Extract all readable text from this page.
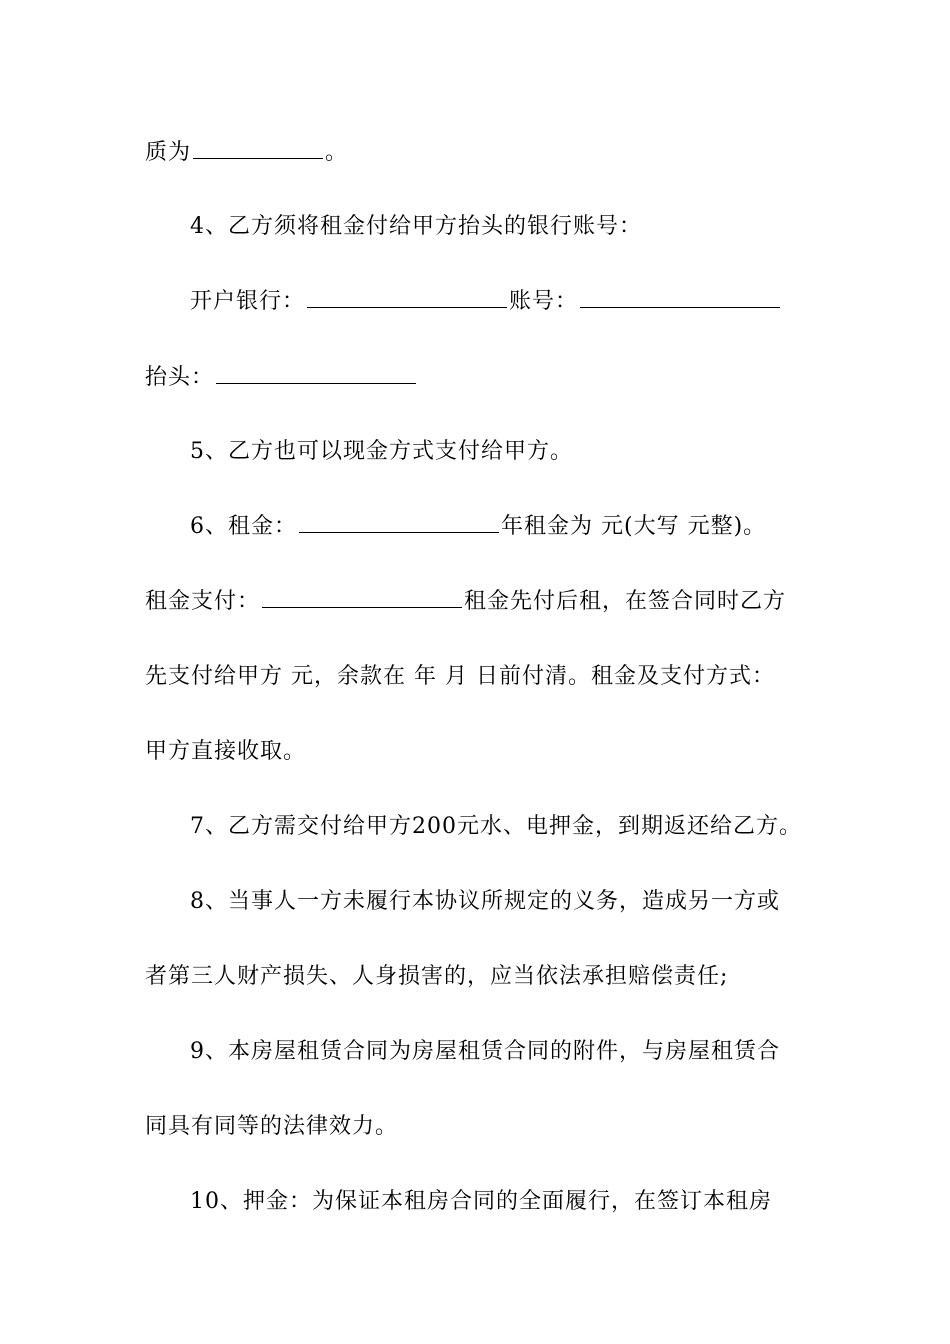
质为	。
4、乙方须将租金付给甲方抬头的银行账号：
开户银行：	账号：
抬头：
5、乙方也可以现金方式支付给甲方。
6、租金：	年租金为 元(大写 元整)。
租金支付：	租金先付后租，在签合同时乙方
先支付给甲方 元，余款在 年 月 日前付清。租金及支付方式：
甲方直接收取。
7、乙方需交付给甲方200元水、电押金，到期返还给乙方。
8、当事人一方未履行本协议所规定的义务，造成另一方或
者第三人财产损失、人身损害的，应当依法承担赔偿责任;
9、本房屋租赁合同为房屋租赁合同的附件，与房屋租赁合
同具有同等的法律效力。
10、押金：为保证本租房合同的全面履行，在签订本租房
